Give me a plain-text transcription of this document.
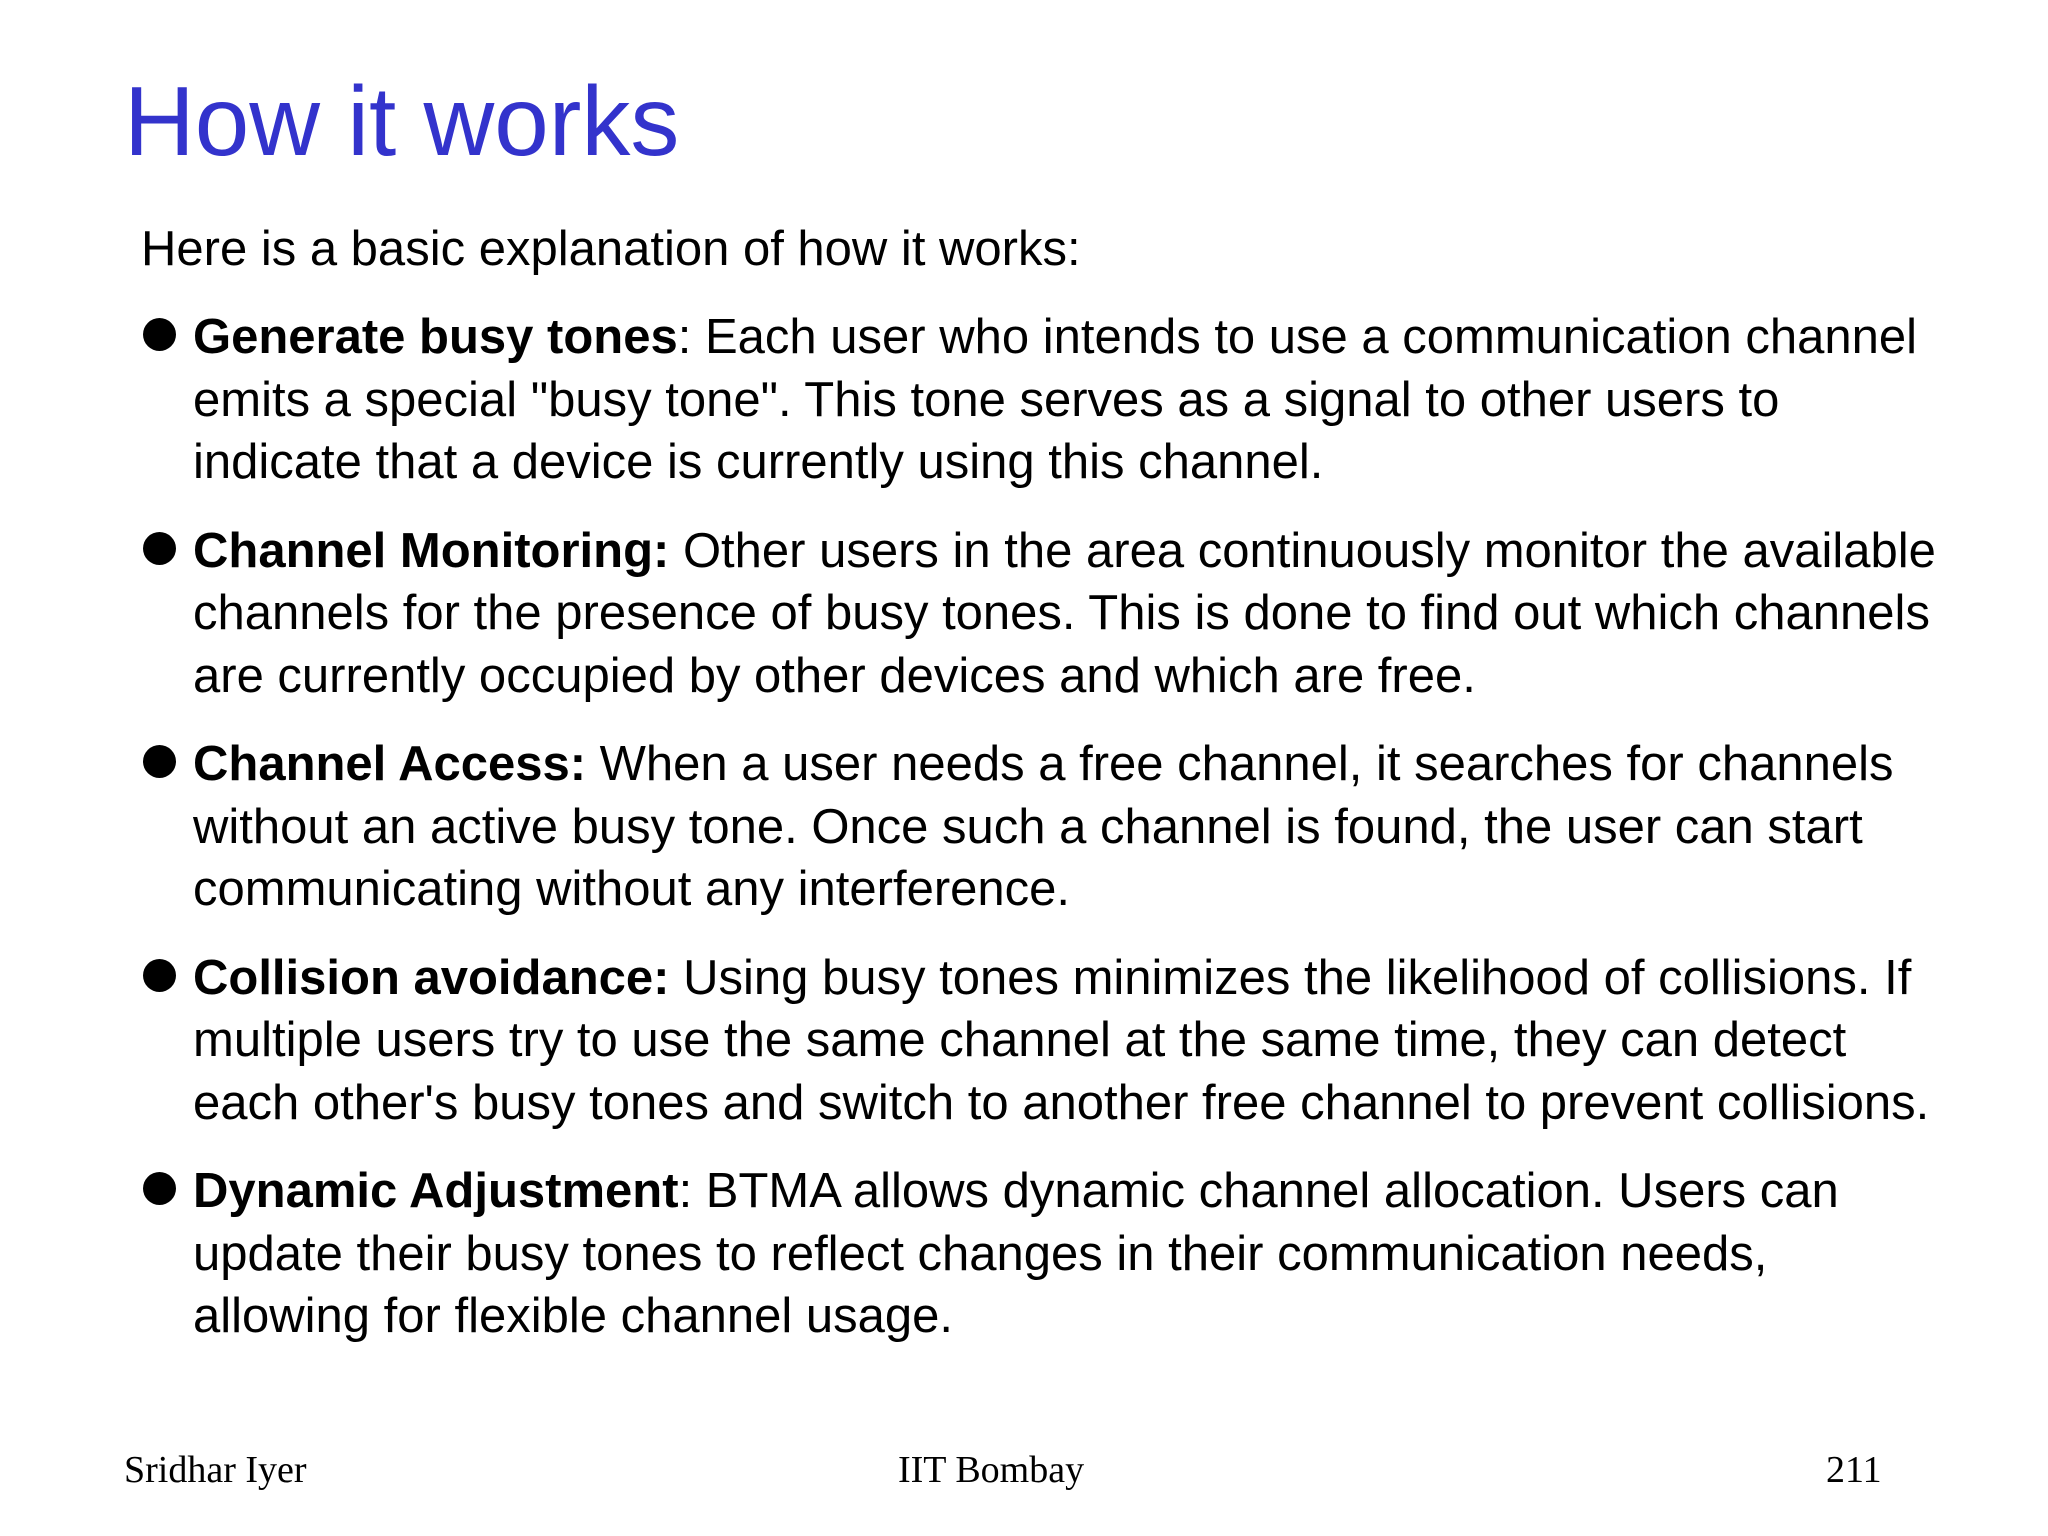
How it works

Here is a basic explanation of how it works:

Generate busy tones: Each user who intends to use a communication channel emits a special "busy tone". This tone serves as a signal to other users to indicate that a device is currently using this channel.
Channel Monitoring: Other users in the area continuously monitor the available channels for the presence of busy tones. This is done to find out which channels are currently occupied by other devices and which are free.
Channel Access: When a user needs a free channel, it searches for channels without an active busy tone. Once such a channel is found, the user can start communicating without any interference.
Collision avoidance: Using busy tones minimizes the likelihood of collisions. If multiple users try to use the same channel at the same time, they can detect each other's busy tones and switch to another free channel to prevent collisions.
Dynamic Adjustment: BTMA allows dynamic channel allocation. Users can update their busy tones to reflect changes in their communication needs, allowing for flexible channel usage.
Sridhar Iyer	IIT Bombay	211
